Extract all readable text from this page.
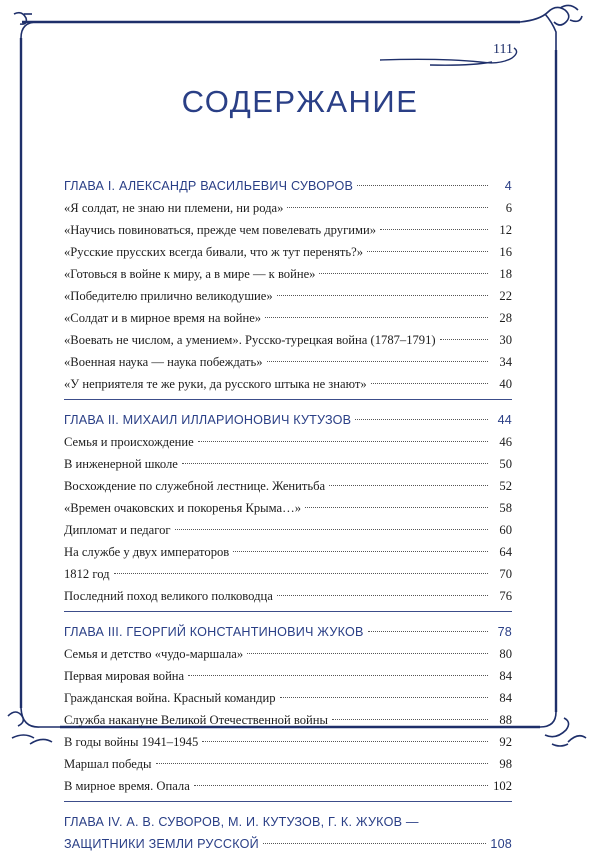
111
СОДЕРЖАНИЕ
ГЛАВА I. АЛЕКСАНДР ВАСИЛЬЕВИЧ СУВОРОВ	4
«Я солдат, не знаю ни племени, ни рода»	6
«Научись повиноваться, прежде чем повелевать другими»	12
«Русские прусских всегда бивали, что ж тут перенять?»	16
«Готовься в войне к миру, а в мире — к войне»	18
«Победителю прилично великодушие»	22
«Солдат и в мирное время на войне»	28
«Воевать не числом, а умением». Русско-турецкая война (1787–1791)	30
«Военная наука — наука побеждать»	34
«У неприятеля те же руки, да русского штыка не знают»	40
ГЛАВА II. МИХАИЛ ИЛЛАРИОНОВИЧ КУТУЗОВ	44
Семья и происхождение	46
В инженерной школе	50
Восхождение по служебной лестнице. Женитьба	52
«Времен очаковских и покоренья Крыма…»	58
Дипломат и педагог	60
На службе у двух императоров	64
1812 год	70
Последний поход великого полководца	76
ГЛАВА III. ГЕОРГИЙ КОНСТАНТИНОВИЧ ЖУКОВ	78
Семья и детство «чудо-маршала»	80
Первая мировая война	84
Гражданская война. Красный командир	84
Служба накануне Великой Отечественной войны	88
В годы войны 1941–1945	92
Маршал победы	98
В мирное время. Опала	102
ГЛАВА IV. А. В. СУВОРОВ, М. И. КУТУЗОВ, Г. К. ЖУКОВ —
ЗАЩИТНИКИ ЗЕМЛИ РУССКОЙ	108
